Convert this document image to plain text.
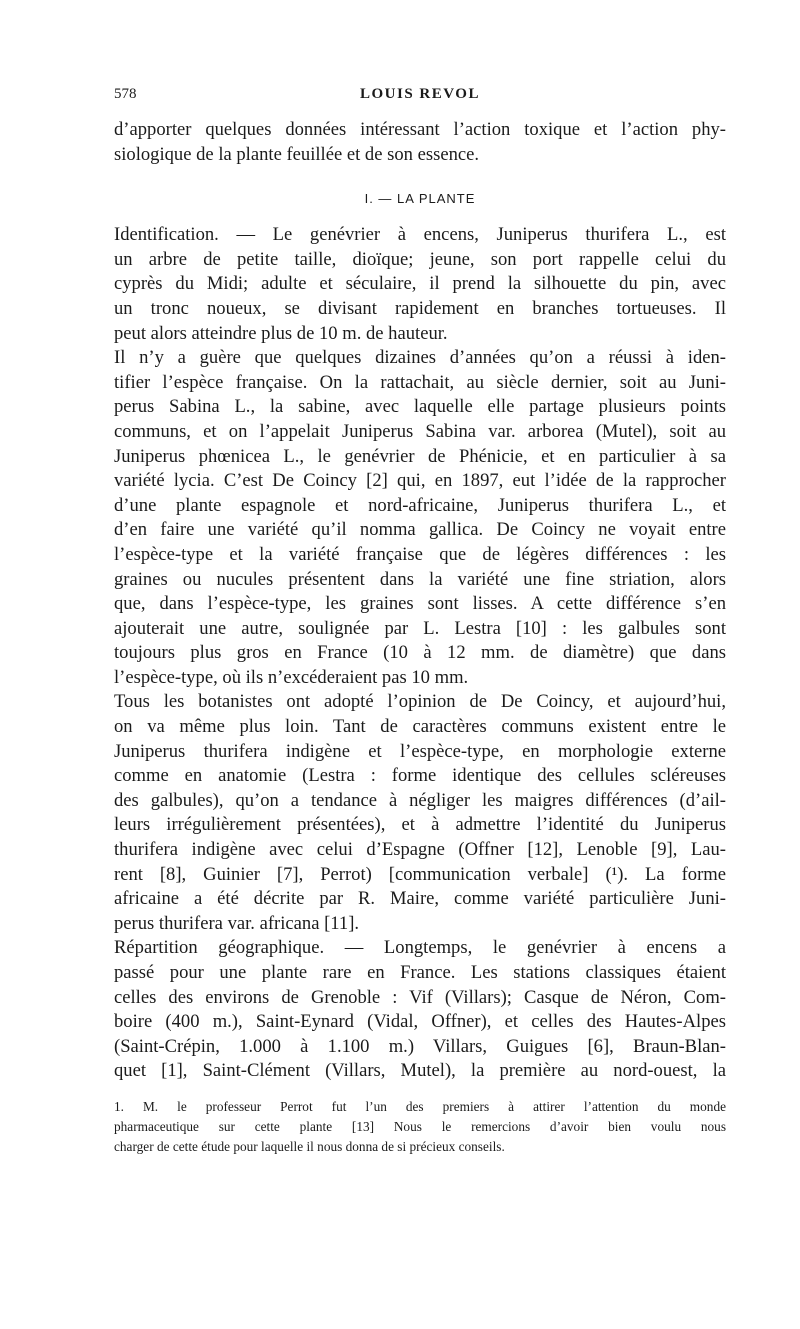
578	LOUIS REVOL

d’apporter quelques données intéressant l’action toxique et l’action phy-
siologique de la plante feuillée et de son essence.

I. — LA PLANTE

Identification. — Le genévrier à encens, Juniperus thurifera L., est
un arbre de petite taille, dioïque; jeune, son port rappelle celui du
cyprès du Midi; adulte et séculaire, il prend la silhouette du pin, avec
un tronc noueux, se divisant rapidement en branches tortueuses. Il
peut alors atteindre plus de 10 m. de hauteur.

Il n’y a guère que quelques dizaines d’années qu’on a réussi à iden-
tifier l’espèce française. On la rattachait, au siècle dernier, soit au Juni-
perus Sabina L., la sabine, avec laquelle elle partage plusieurs points
communs, et on l’appelait Juniperus Sabina var. arborea (Mutel), soit au
Juniperus phœnicea L., le genévrier de Phénicie, et en particulier à sa
variété lycia. C’est De Coincy [2] qui, en 1897, eut l’idée de la rapprocher
d’une plante espagnole et nord-africaine, Juniperus thurifera L., et
d’en faire une variété qu’il nomma gallica. De Coincy ne voyait entre
l’espèce-type et la variété française que de légères différences : les
graines ou nucules présentent dans la variété une fine striation, alors
que, dans l’espèce-type, les graines sont lisses. A cette différence s’en
ajouterait une autre, soulignée par L. Lestra [10] : les galbules sont
toujours plus gros en France (10 à 12 mm. de diamètre) que dans
l’espèce-type, où ils n’excéderaient pas 10 mm.

Tous les botanistes ont adopté l’opinion de De Coincy, et aujourd’hui,
on va même plus loin. Tant de caractères communs existent entre le
Juniperus thurifera indigène et l’espèce-type, en morphologie externe
comme en anatomie (Lestra : forme identique des cellules scléreuses
des galbules), qu’on a tendance à négliger les maigres différences (d’ail-
leurs irrégulièrement présentées), et à admettre l’identité du Juniperus
thurifera indigène avec celui d’Espagne (Offner [12], Lenoble [9], Lau-
rent [8], Guinier [7], Perrot) [communication verbale] (¹). La forme
africaine a été décrite par R. Maire, comme variété particulière Juni-
perus thurifera var. africana [11].

Répartition géographique. — Longtemps, le genévrier à encens a
passé pour une plante rare en France. Les stations classiques étaient
celles des environs de Grenoble : Vif (Villars); Casque de Néron, Com-
boire (400 m.), Saint-Eynard (Vidal, Offner), et celles des Hautes-Alpes
(Saint-Crépin, 1.000 à 1.100 m.) Villars, Guigues [6], Braun-Blan-
quet [1], Saint-Clément (Villars, Mutel), la première au nord-ouest, la

1. M. le professeur Perrot fut l’un des premiers à attirer l’attention du monde
pharmaceutique sur cette plante [13] Nous le remercions d’avoir bien voulu nous
charger de cette étude pour laquelle il nous donna de si précieux conseils.
